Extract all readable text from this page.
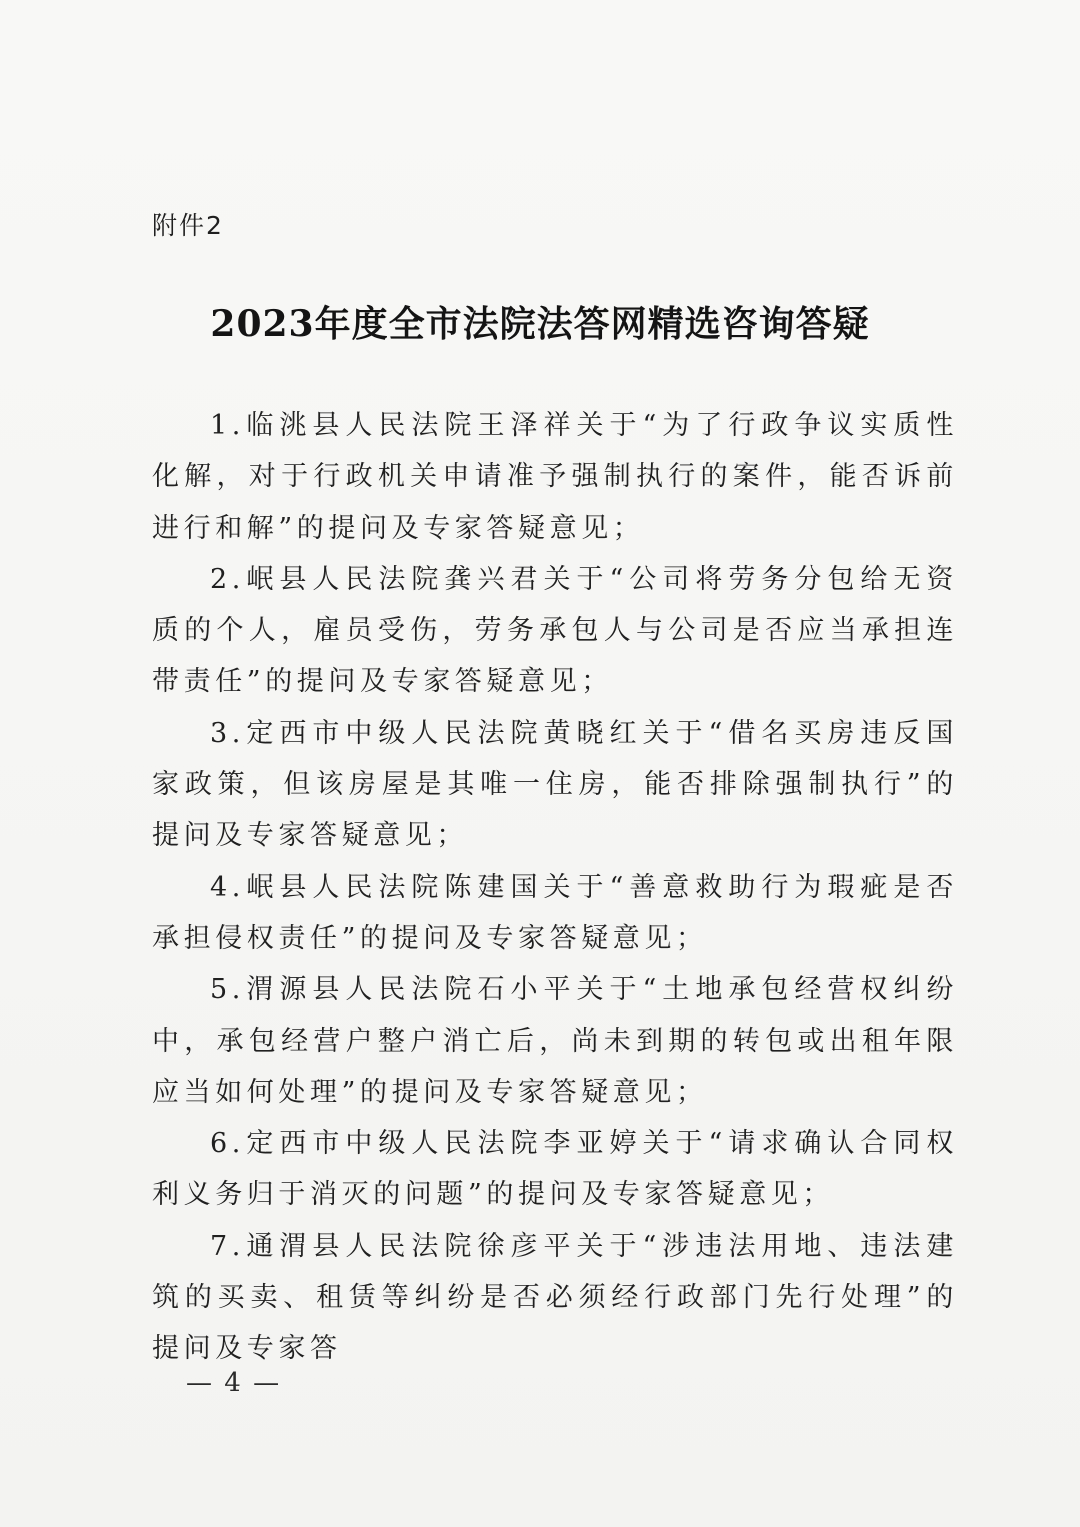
附件2
2023年度全市法院法答网精选咨询答疑

1.临洮县人民法院王泽祥关于“为了行政争议实质性化解，对于行政机关申请准予强制执行的案件，能否诉前进行和解”的提问及专家答疑意见；

2.岷县人民法院龚兴君关于“公司将劳务分包给无资质的个人，雇员受伤，劳务承包人与公司是否应当承担连带责任”的提问及专家答疑意见；

3.定西市中级人民法院黄晓红关于“借名买房违反国家政策，但该房屋是其唯一住房，能否排除强制执行”的提问及专家答疑意见；

4.岷县人民法院陈建国关于“善意救助行为瑕疵是否承担侵权责任”的提问及专家答疑意见；

5.渭源县人民法院石小平关于“土地承包经营权纠纷中，承包经营户整户消亡后，尚未到期的转包或出租年限应当如何处理”的提问及专家答疑意见；

6.定西市中级人民法院李亚婷关于“请求确认合同权利义务归于消灭的问题”的提问及专家答疑意见；

7.通渭县人民法院徐彦平关于“涉违法用地、违法建筑的买卖、租赁等纠纷是否必须经行政部门先行处理”的提问及专家答

— 4 —
